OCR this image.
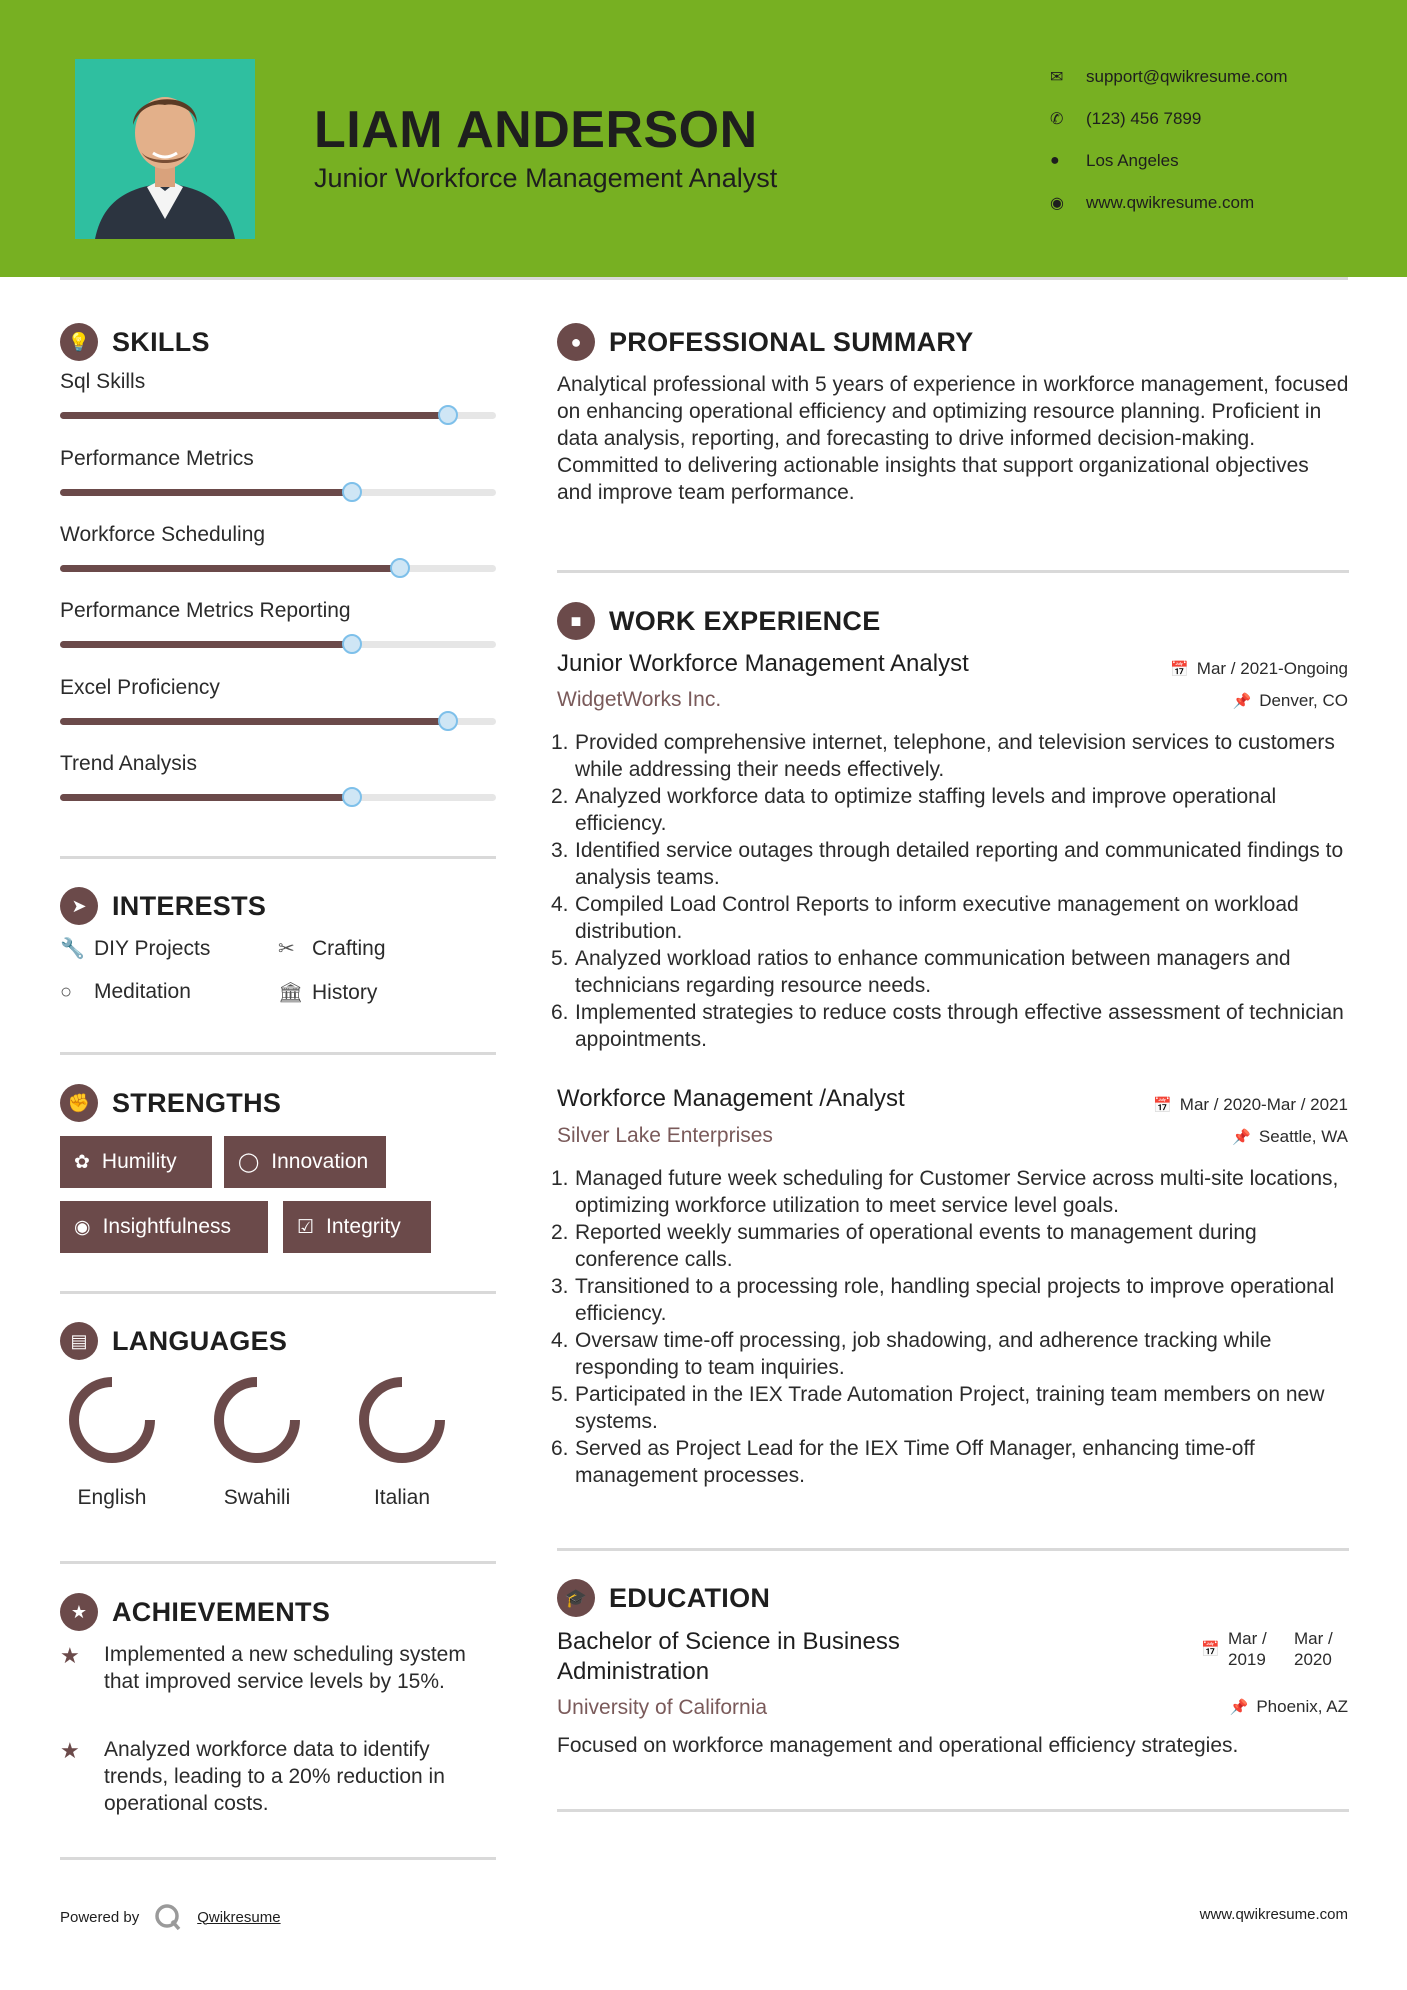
LIAM ANDERSON
Junior Workforce Management Analyst
✉	support@qwikresume.com
✆	(123) 456 7899
●	Los Angeles
◉	www.qwikresume.com
💡 SKILLS
Sql Skills
Performance Metrics
Workforce Scheduling
Performance Metrics Reporting
Excel Proficiency
Trend Analysis
➤ INTERESTS
🔧 DIY Projects	✂ Crafting
○	Meditation	🏛 History
✊ STRENGTHS
✿ Humility	◯ Innovation
◉ Insightfulness	☑ Integrity
▤ LANGUAGES
English	Swahili	Italian
★ ACHIEVEMENTS
★	Implemented a new scheduling system that improved service levels by 15%.
★	Analyzed workforce data to identify trends, leading to a 20% reduction in operational costs.
●	PROFESSIONAL SUMMARY
Analytical professional with 5 years of experience in workforce management, focused on enhancing operational efficiency and optimizing resource planning. Proficient in data analysis, reporting, and forecasting to drive informed decision-making. Committed to delivering actionable insights that support organizational objectives and improve team performance.
■	WORK EXPERIENCE
Junior Workforce Management Analyst	📅 Mar / 2021-Ongoing
WidgetWorks Inc.	📌 Denver, CO
1. Provided comprehensive internet, telephone, and television services to customers while addressing their needs effectively.
2. Analyzed workforce data to optimize staffing levels and improve operational efficiency.
3. Identified service outages through detailed reporting and communicated findings to analysis teams.
4. Compiled Load Control Reports to inform executive management on workload distribution.
5. Analyzed workload ratios to enhance communication between managers and technicians regarding resource needs.
6. Implemented strategies to reduce costs through effective assessment of technician appointments.
Workforce Management /Analyst	📅 Mar / 2020-Mar / 2021
Silver Lake Enterprises	📌 Seattle, WA
1. Managed future week scheduling for Customer Service across multi-site locations, optimizing workforce utilization to meet service level goals.
2. Reported weekly summaries of operational events to management during conference calls.
3. Transitioned to a processing role, handling special projects to improve operational efficiency.
4. Oversaw time-off processing, job shadowing, and adherence tracking while responding to team inquiries.
5. Participated in the IEX Trade Automation Project, training team members on new systems.
6. Served as Project Lead for the IEX Time Off Manager, enhancing time-off management processes.
🎓 EDUCATION
Bachelor of Science in Business Administration
📅
Mar / 2019
Mar / 2020
University of California	📌 Phoenix, AZ
Focused on workforce management and operational efficiency strategies.
Powered by	Qwikresume	www.qwikresume.com
